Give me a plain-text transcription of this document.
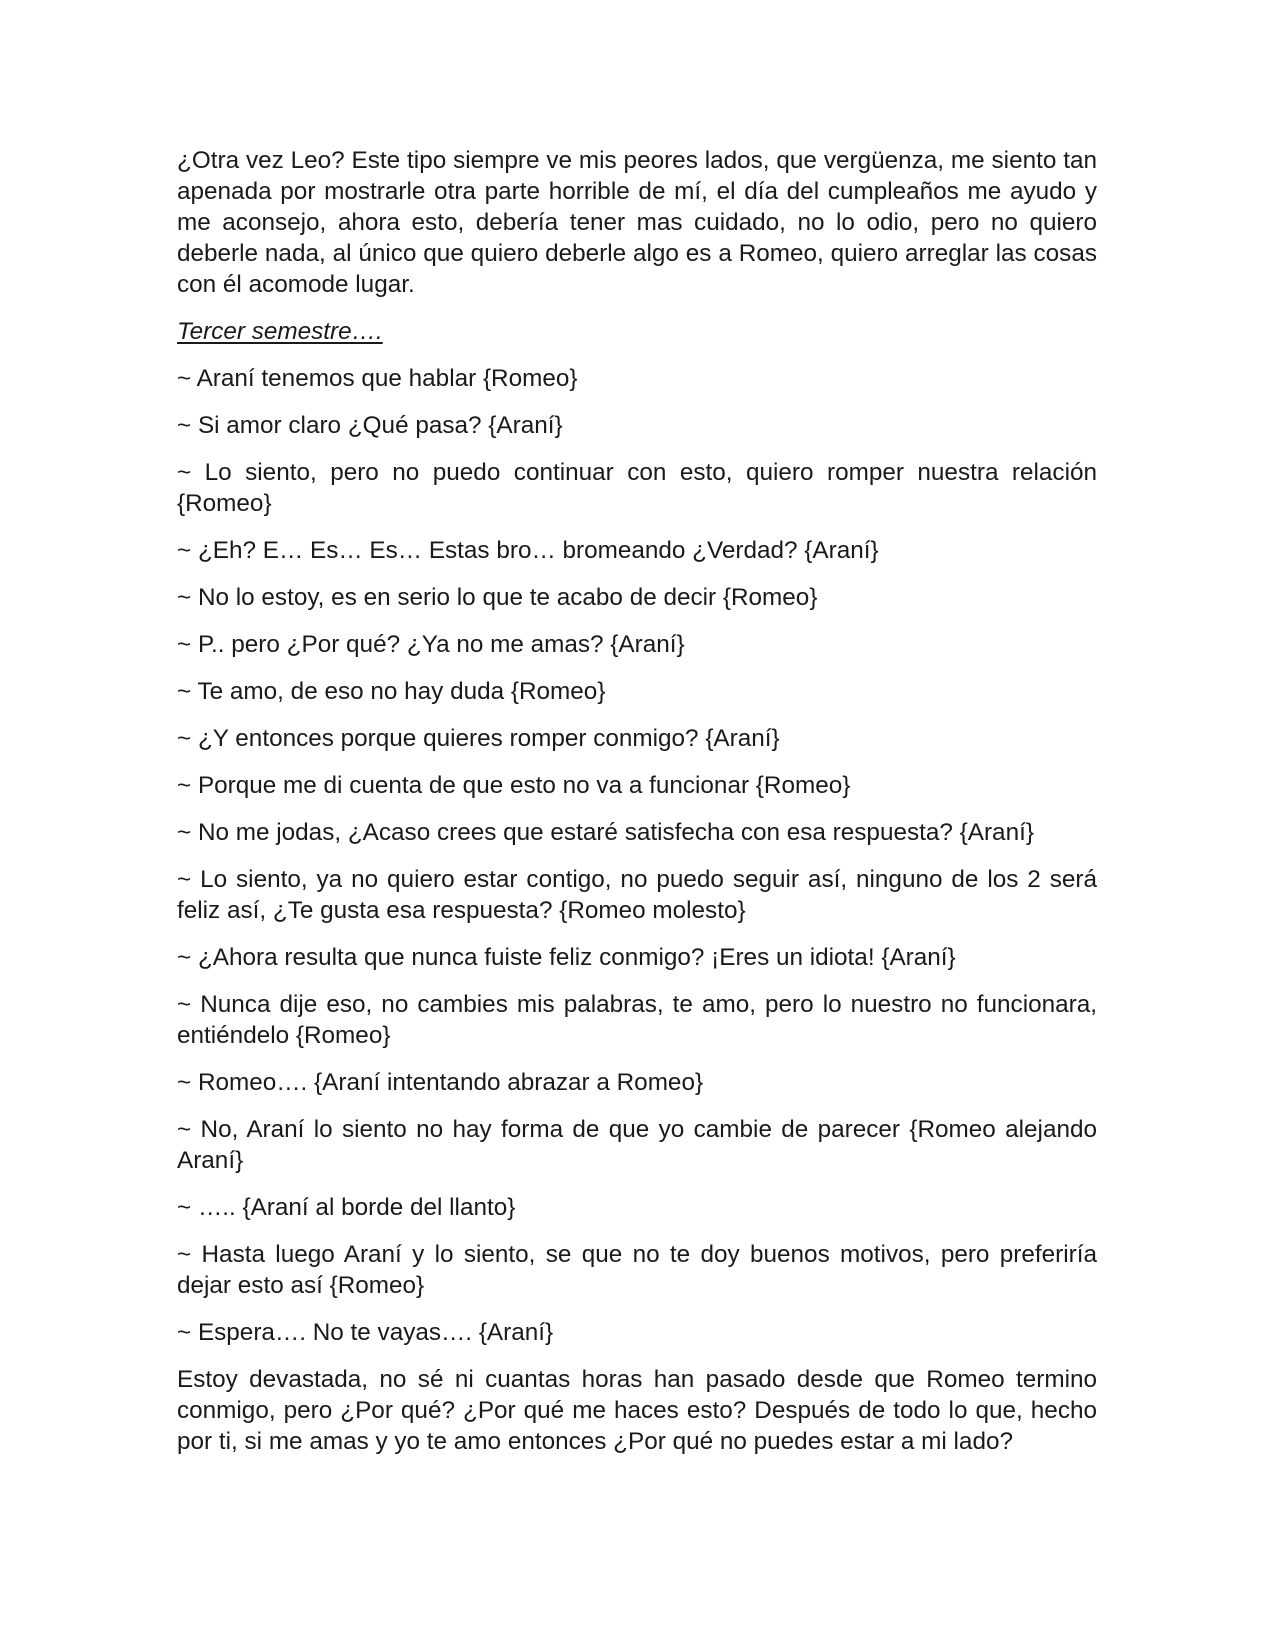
¿Otra vez Leo? Este tipo siempre ve mis peores lados, que vergüenza, me siento tan apenada por mostrarle otra parte horrible de mí, el día del cumpleaños me ayudo y me aconsejo, ahora esto, debería tener mas cuidado, no lo odio, pero no quiero deberle nada, al único que quiero deberle algo es a Romeo, quiero arreglar las cosas con él acomode lugar.

Tercer semestre….

~ Araní tenemos que hablar {Romeo}

~ Si amor claro ¿Qué pasa? {Araní}

~ Lo siento, pero no puedo continuar con esto, quiero romper nuestra relación {Romeo}

~ ¿Eh? E… Es… Es… Estas bro… bromeando ¿Verdad? {Araní}

~ No lo estoy, es en serio lo que te acabo de decir {Romeo}

~ P.. pero ¿Por qué? ¿Ya no me amas? {Araní}

~ Te amo, de eso no hay duda {Romeo}

~ ¿Y entonces porque quieres romper conmigo? {Araní}

~ Porque me di cuenta de que esto no va a funcionar {Romeo}

~ No me jodas, ¿Acaso crees que estaré satisfecha con esa respuesta? {Araní}

~ Lo siento, ya no quiero estar contigo, no puedo seguir así, ninguno de los 2 será feliz así, ¿Te gusta esa respuesta? {Romeo molesto}

~ ¿Ahora resulta que nunca fuiste feliz conmigo? ¡Eres un idiota! {Araní}

~ Nunca dije eso, no cambies mis palabras, te amo, pero lo nuestro no funcionara, entiéndelo {Romeo}

~ Romeo…. {Araní intentando abrazar a Romeo}

~ No, Araní lo siento no hay forma de que yo cambie de parecer {Romeo alejando Araní}

~ ….. {Araní al borde del llanto}

~ Hasta luego Araní y lo siento, se que no te doy buenos motivos, pero preferiría dejar esto así {Romeo}

~ Espera…. No te vayas…. {Araní}

Estoy devastada, no sé ni cuantas horas han pasado desde que Romeo termino conmigo, pero ¿Por qué? ¿Por qué me haces esto? Después de todo lo que, hecho por ti, si me amas y yo te amo entonces ¿Por qué no puedes estar a mi lado?
